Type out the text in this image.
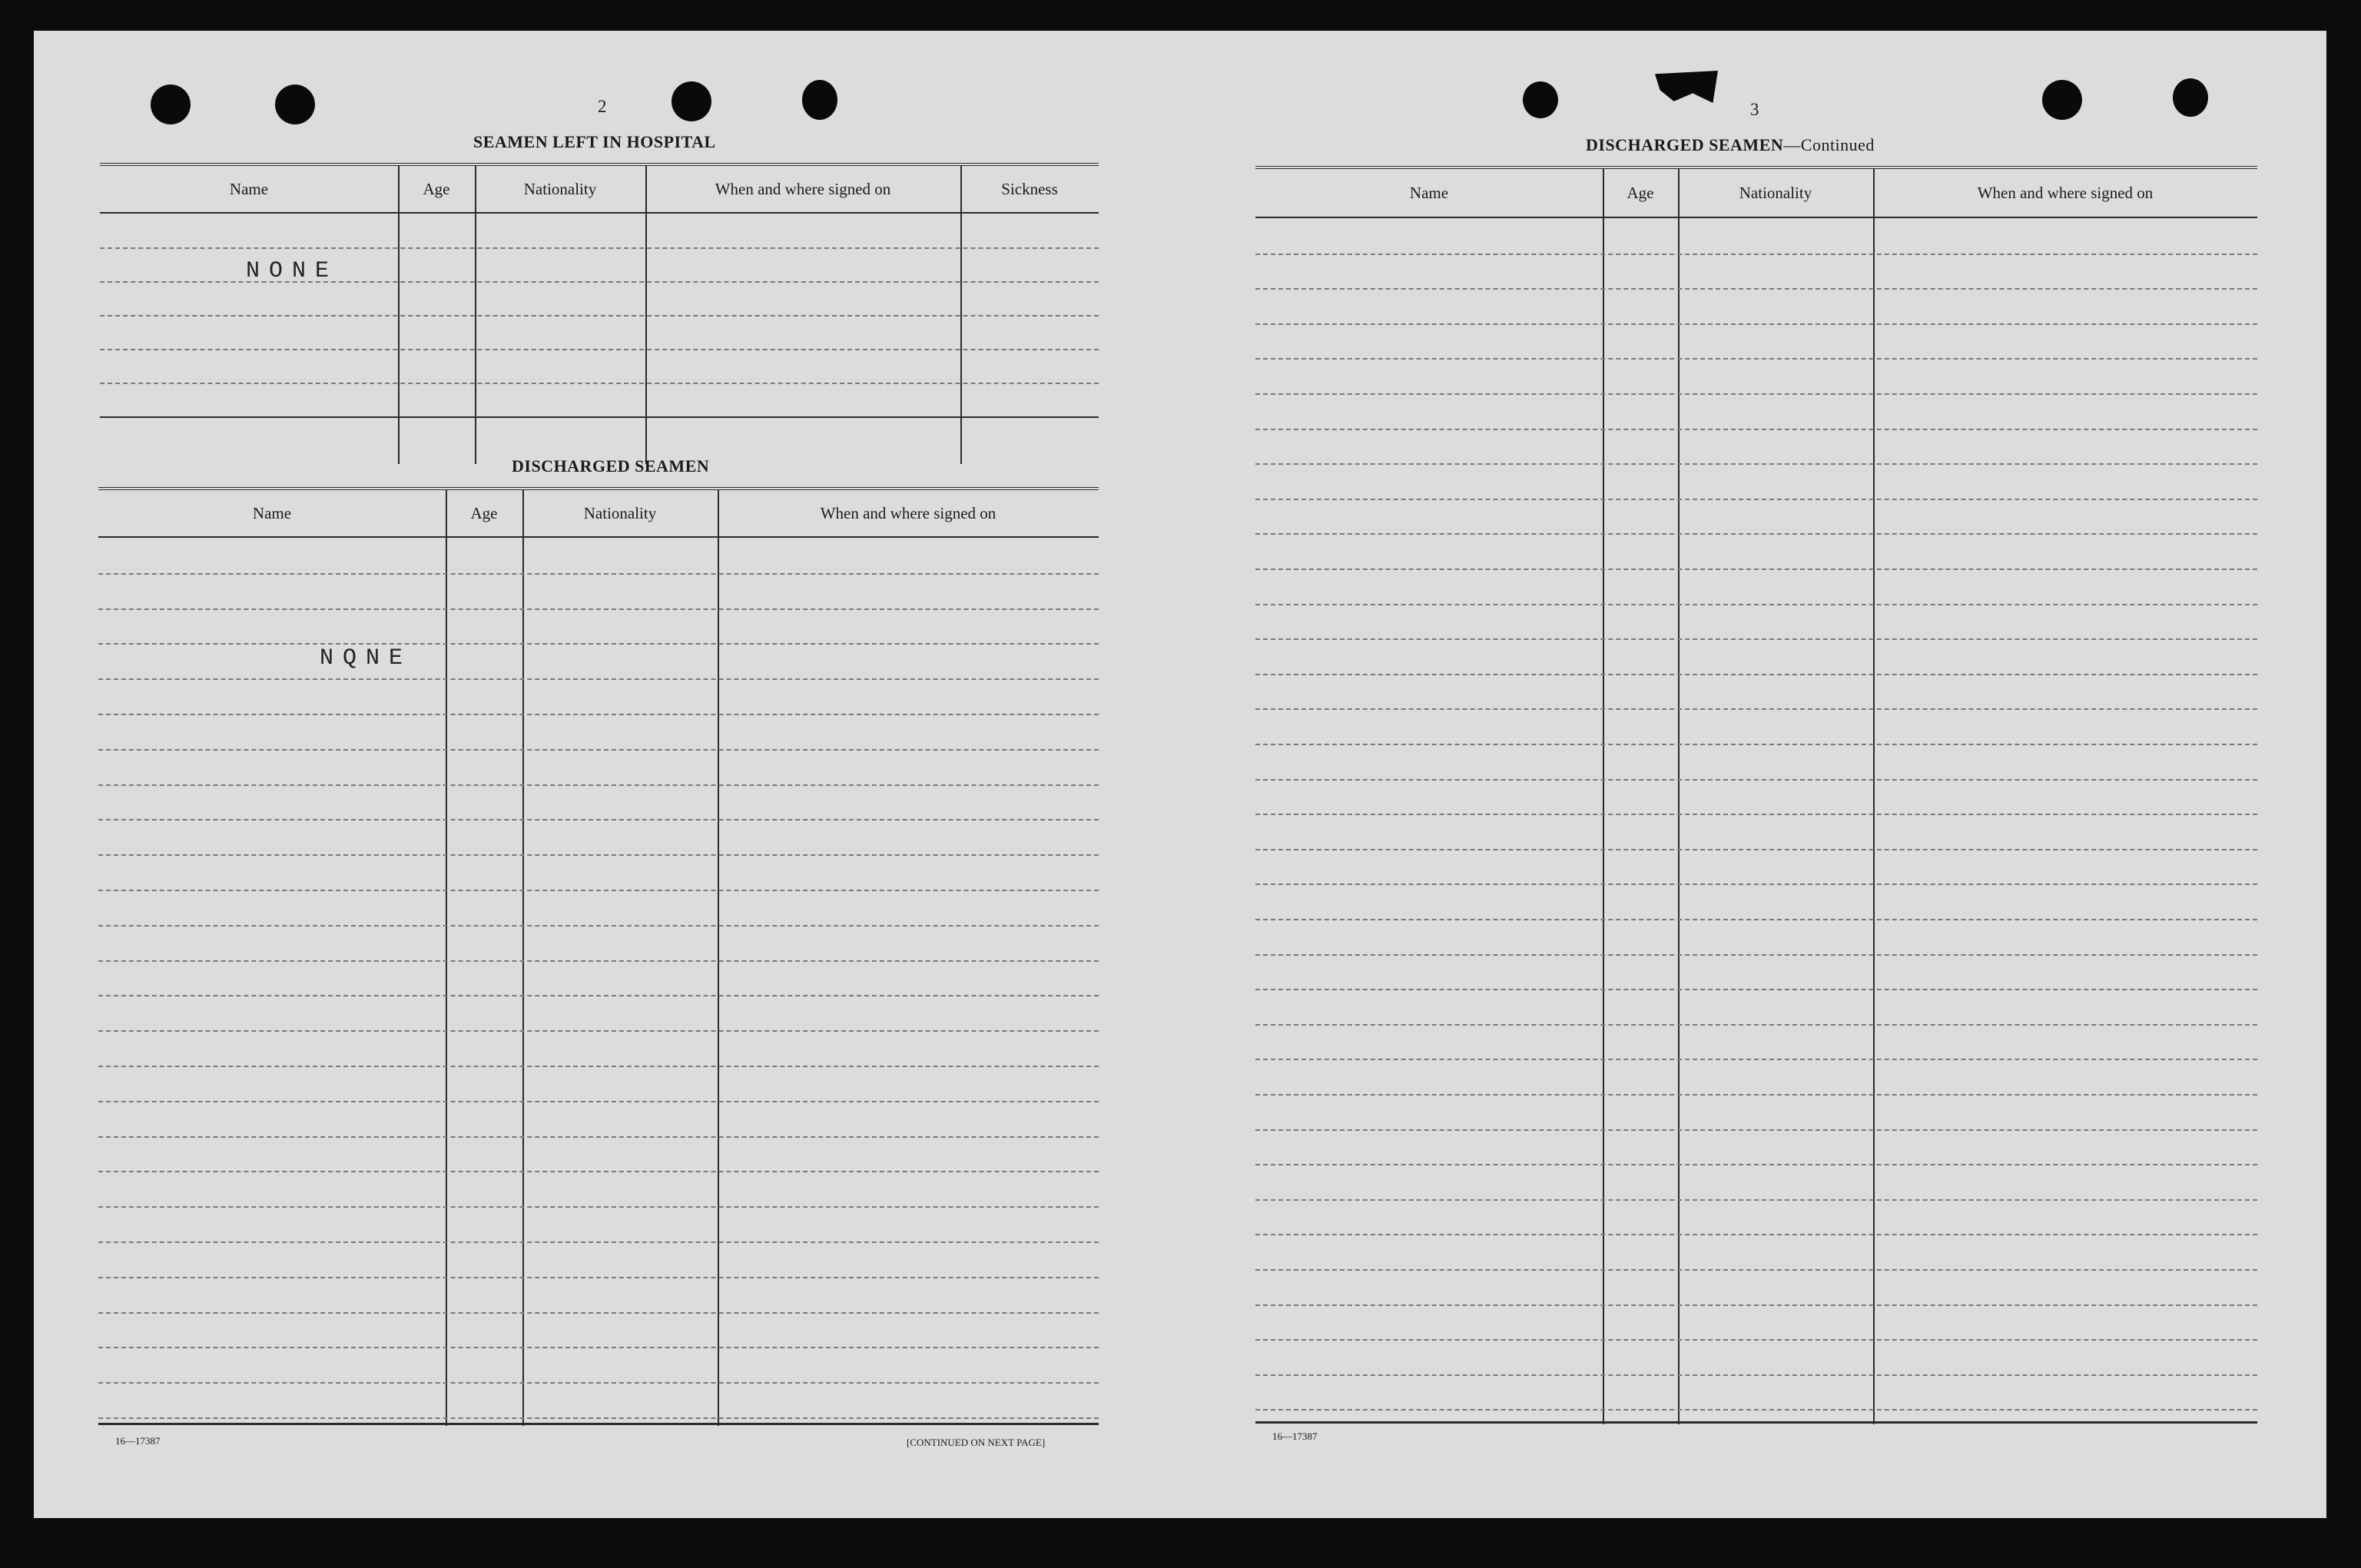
2
SEAMEN LEFT IN HOSPITAL
Name	Age	Nationality	When and where signed on	Sickness
NONE
DISCHARGED SEAMEN
Name	Age	Nationality	When and where signed on
NQNE
16—17387	[CONTINUED ON NEXT PAGE]
3
DISCHARGED SEAMEN—Continued
Name	Age	Nationality	When and where signed on
16—17387
